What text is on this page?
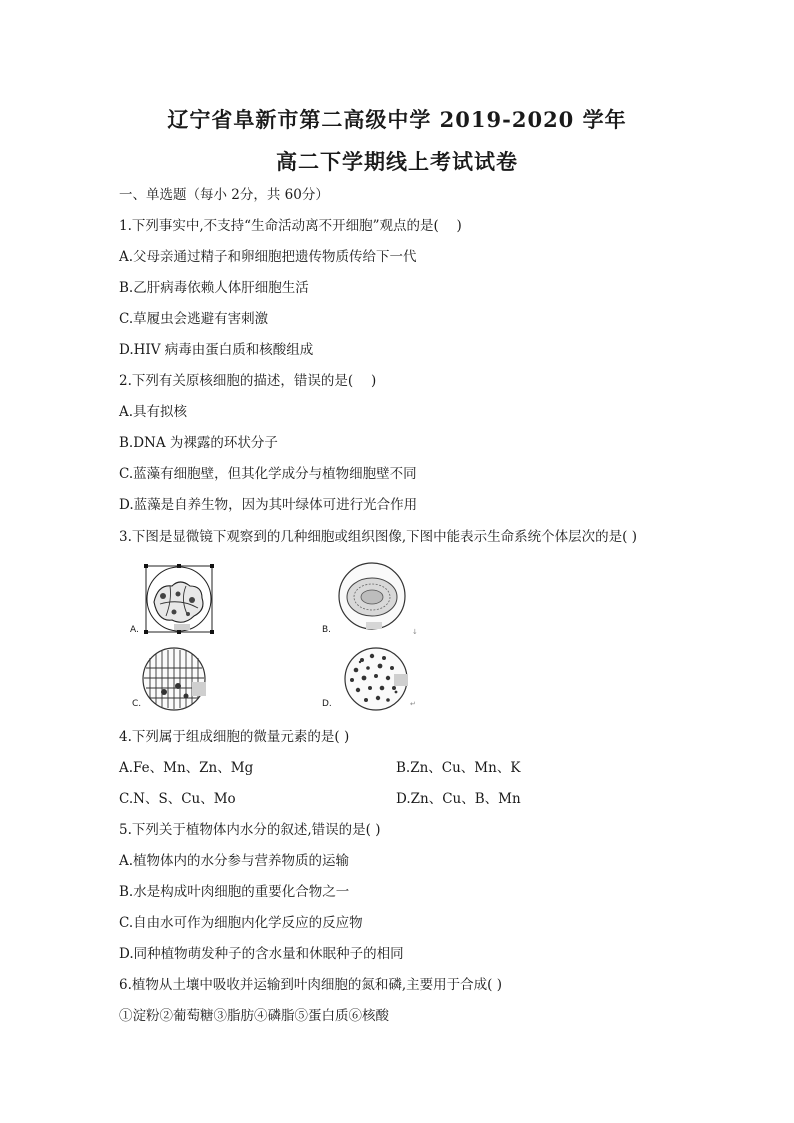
辽宁省阜新市第二高级中学 2019-2020 学年
高二下学期线上考试试卷
一、单选题（每小 2分，共 60分）
1.下列事实中,不支持“生命活动离不开细胞”观点的是(　 )
A.父母亲通过精子和卵细胞把遗传物质传给下一代
B.乙肝病毒依赖人体肝细胞生活
C.草履虫会逃避有害刺激
D.HIV 病毒由蛋白质和核酸组成
2.下列有关原核细胞的描述，错误的是(　 )
A.具有拟核
B.DNA 为裸露的环状分子
C.蓝藻有细胞壁，但其化学成分与植物细胞壁不同
D.蓝藻是自养生物，因为其叶绿体可进行光合作用
3.下图是显微镜下观察到的几种细胞或组织图像,下图中能表示生命系统个体层次的是( )
A.	↓
B.
C.	↵
D.
4.下列属于组成细胞的微量元素的是( )
A.Fe、Mn、Zn、Mg	B.Zn、Cu、Mn、K
C.N、S、Cu、Mo	D.Zn、Cu、B、Mn
5.下列关于植物体内水分的叙述,错误的是( )
A.植物体内的水分参与营养物质的运输
B.水是构成叶肉细胞的重要化合物之一
C.自由水可作为细胞内化学反应的反应物
D.同种植物萌发种子的含水量和休眠种子的相同
6.植物从土壤中吸收并运输到叶肉细胞的氮和磷,主要用于合成( )
①淀粉②葡萄糖③脂肪④磷脂⑤蛋白质⑥核酸
